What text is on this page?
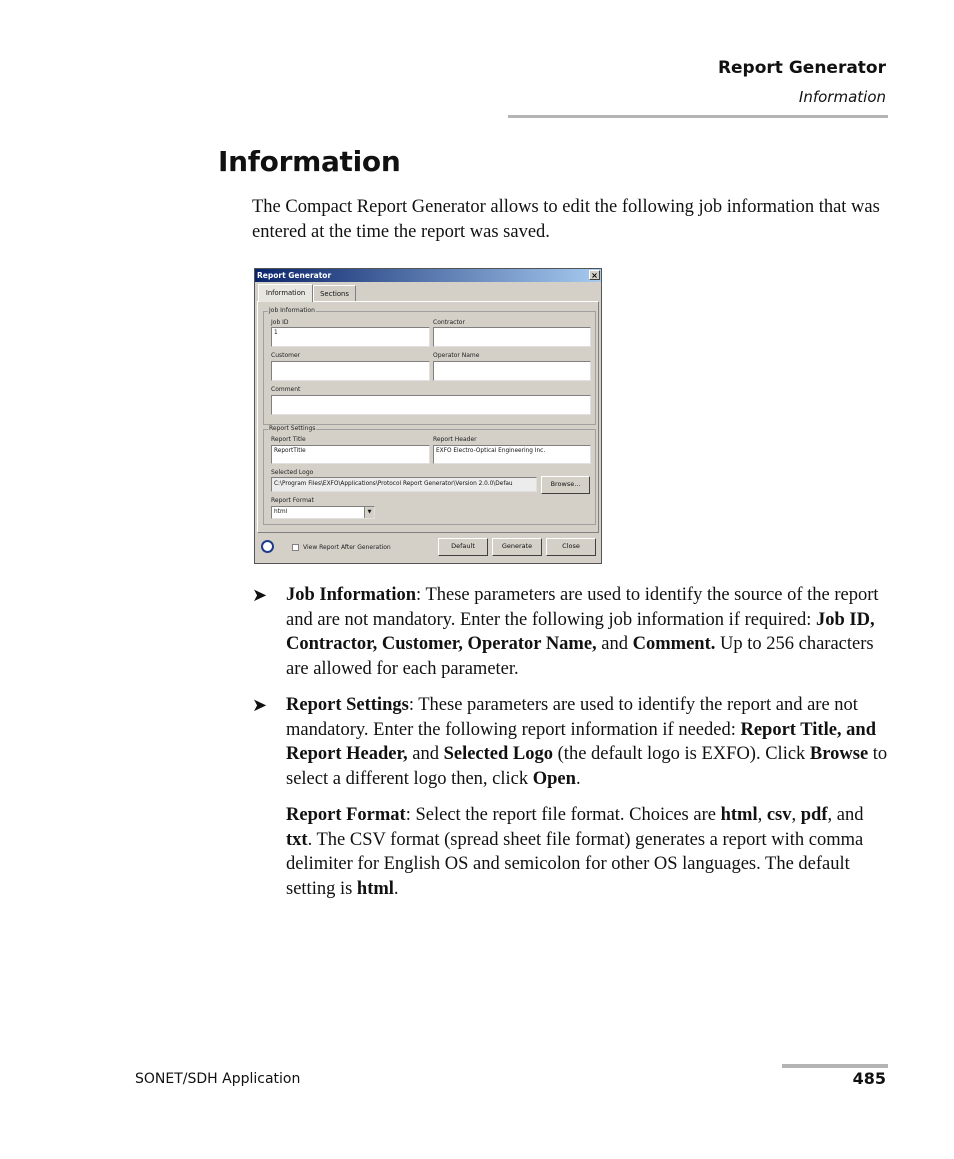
Report Generator
Information
Information

The Compact Report Generator allows to edit the following job information that was entered at the time the report was saved.

Report Generator	×
Information	Sections
Job Information
Job ID
1
Contractor
Customer	Operator Name
Comment
Report Settings
Report Title
ReportTitle
Report Header
EXFO Electro-Optical Engineering Inc.
Selected Logo
C:\Program Files\EXFO\Applications\Protocol Report Generator\Version 2.0.0\Defau	Browse...
Report Format
html	▼
View Report After Generation	Default	Generate	Close
➤ Job Information: These parameters are used to identify the source of the report and are not mandatory. Enter the following job information if required: Job ID, Contractor, Customer, Operator Name, and Comment. Up to 256 characters are allowed for each parameter.

➤ Report Settings: These parameters are used to identify the report and are not mandatory. Enter the following report information if needed: Report Title, and Report Header, and Selected Logo (the default logo is EXFO). Click Browse to select a different logo then, click Open.

Report Format: Select the report file format. Choices are html, csv, pdf, and txt. The CSV format (spread sheet file format) generates a report with comma delimiter for English OS and semicolon for other OS languages. The default setting is html.

SONET/SDH Application	485
